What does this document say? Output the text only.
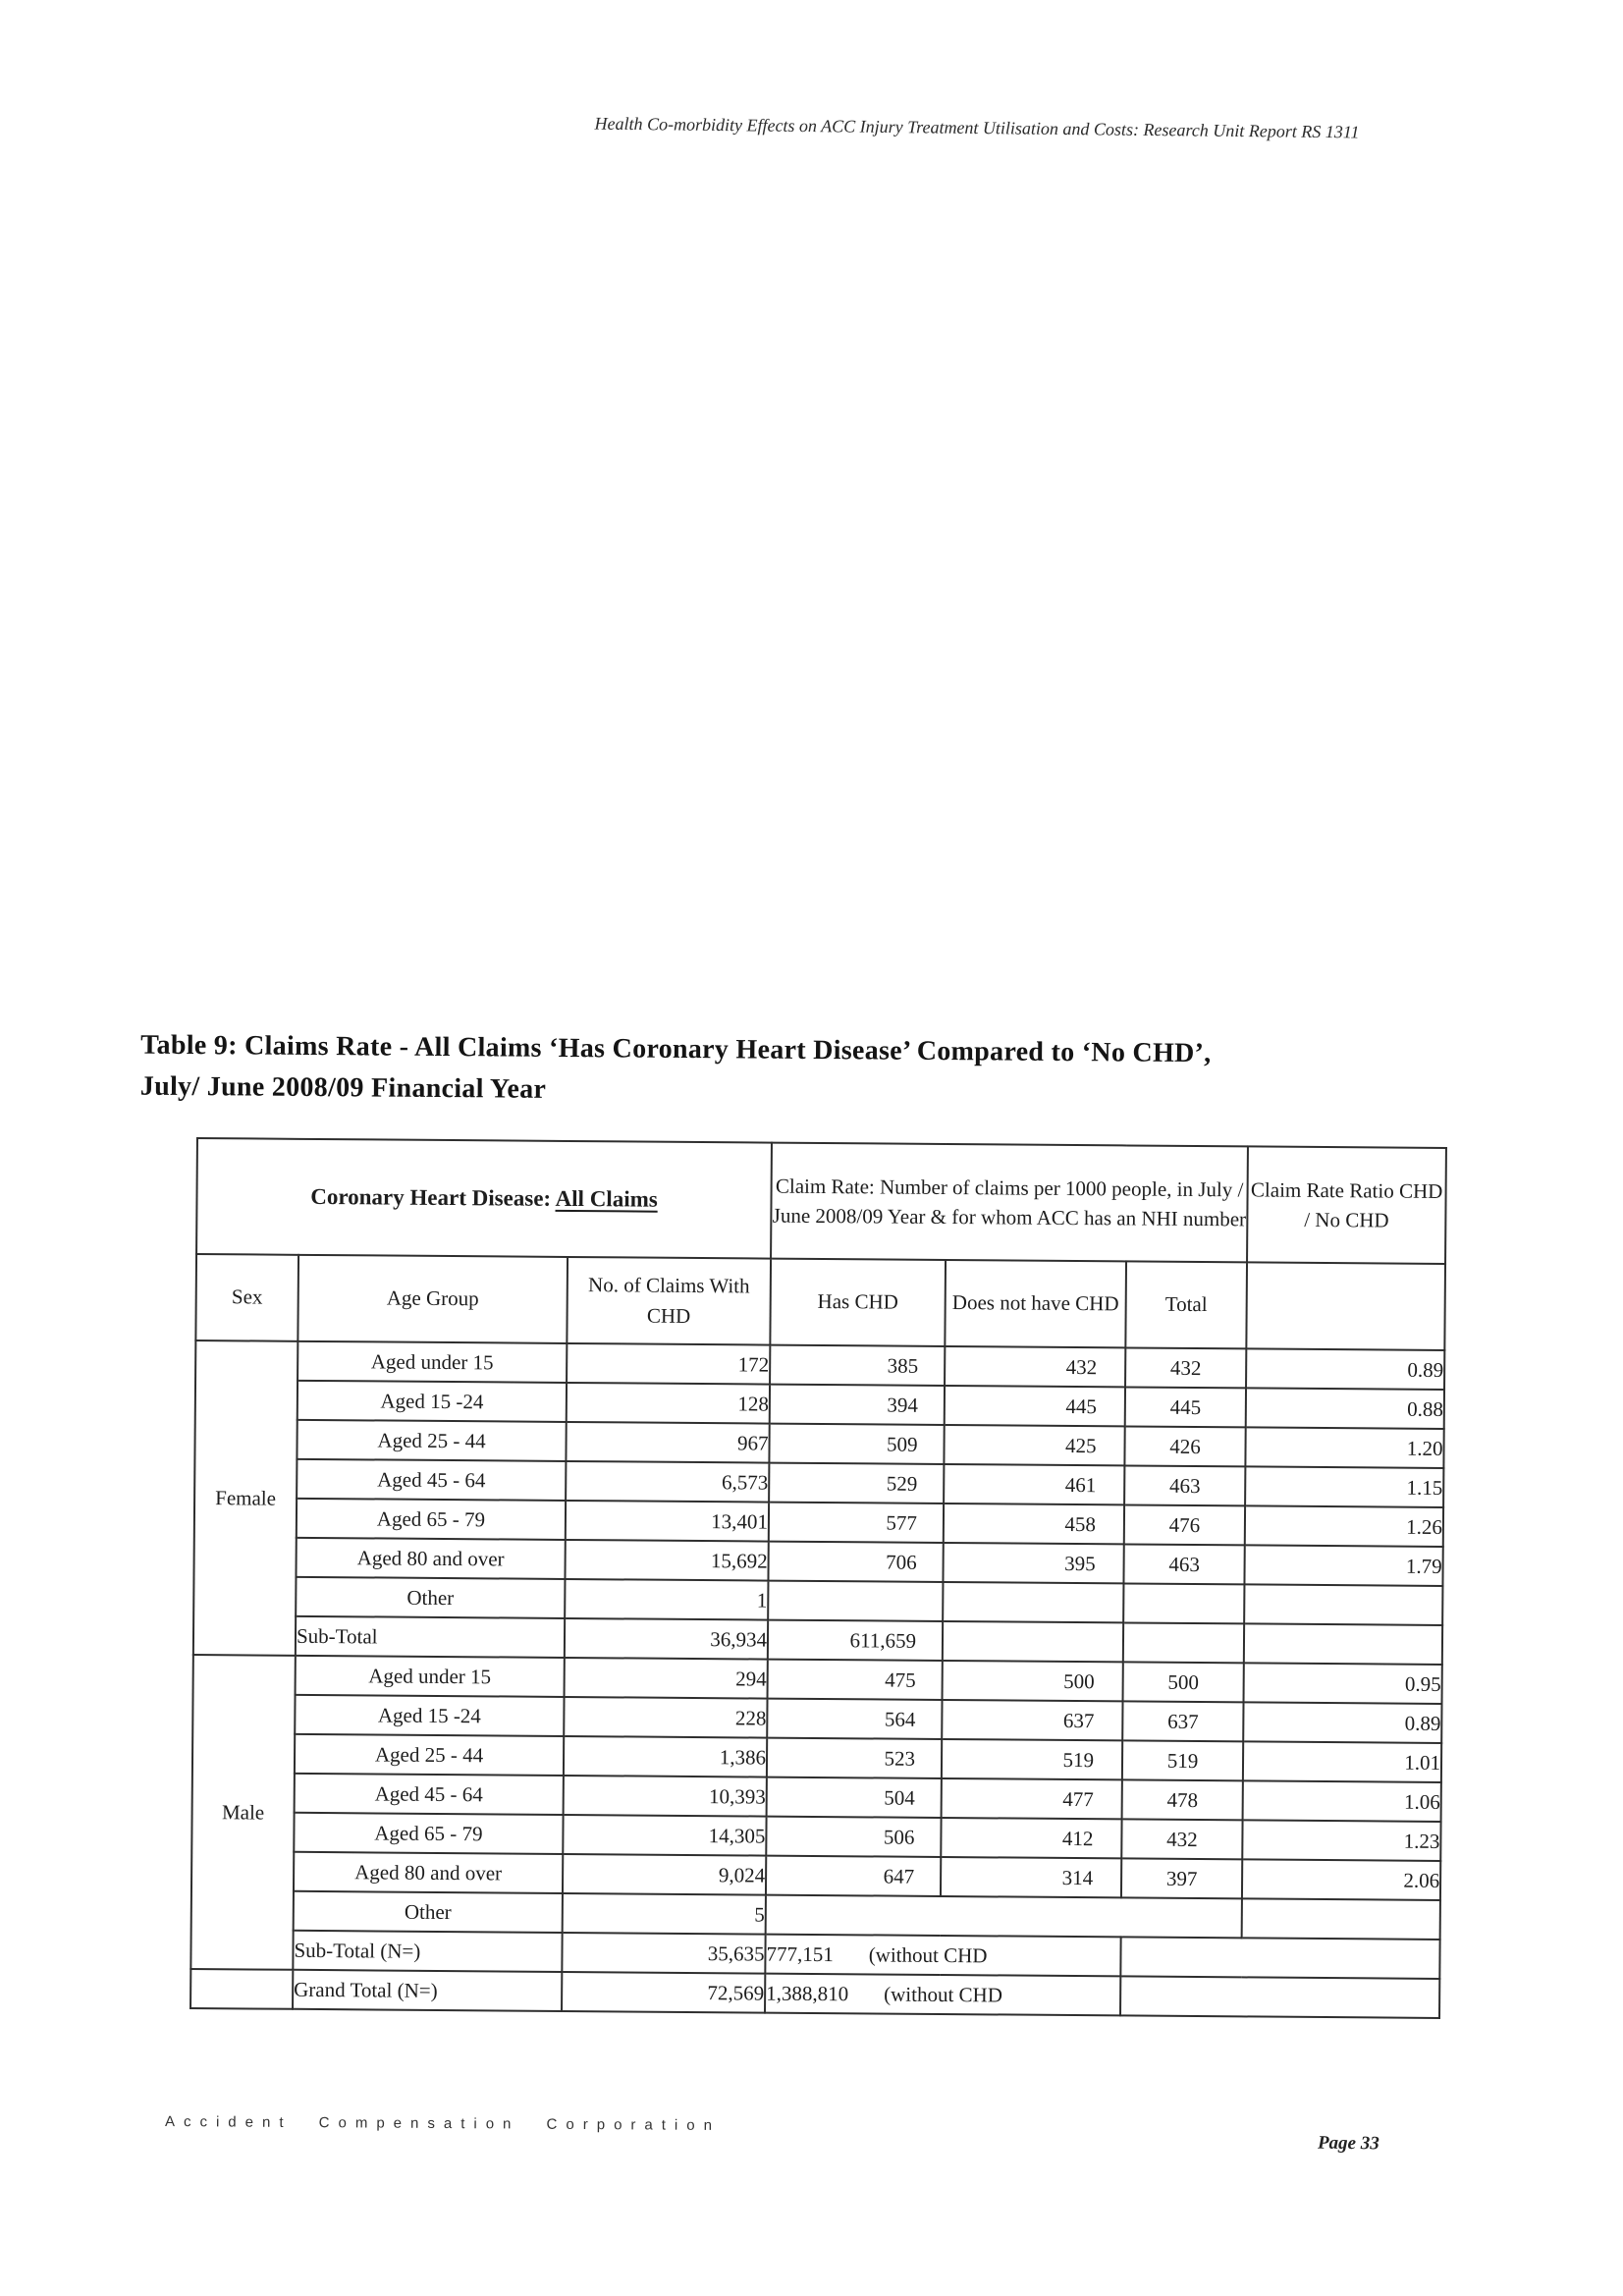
Health Co-morbidity Effects on ACC Injury Treatment Utilisation and Costs: Research Unit Report RS 1311
Table 9: Claims Rate - All Claims ‘Has Coronary Heart Disease’ Compared to ‘No CHD’, July/ June 2008/09 Financial Year
Coronary Heart Disease: All Claims			Claim Rate: Number of claims per 1000 people, in July / June 2008/09 Year & for whom ACC has an NHI number			Claim Rate Ratio CHD / No CHD
Sex	Age Group	No. of Claims With CHD	Has CHD	Does not have CHD	Total	
Female	Aged under 15	172	385	432	432	0.89
	Aged 15 -24	128	394	445	445	0.88
	Aged 25 - 44	967	509	425	426	1.20
	Aged 45 - 64	6,573	529	461	463	1.15
	Aged 65 - 79	13,401	577	458	476	1.26
	Aged 80 and over	15,692	706	395	463	1.79
	Other	1				
	Sub-Total	36,934	611,659			
Male	Aged under 15	294	475	500	500	0.95
	Aged 15 -24	228	564	637	637	0.89
	Aged 25 - 44	1,386	523	519	519	1.01
	Aged 45 - 64	10,393	504	477	478	1.06
	Aged 65 - 79	14,305	506	412	432	1.23
	Aged 80 and over	9,024	647	314	397	2.06
	Other	5				
	Sub-Total (N=)	35,635	777,151 (without CHD			
	Grand Total (N=)	72,569	1,388,810 (without CHD			
Accident Compensation Corporation
Page 33
